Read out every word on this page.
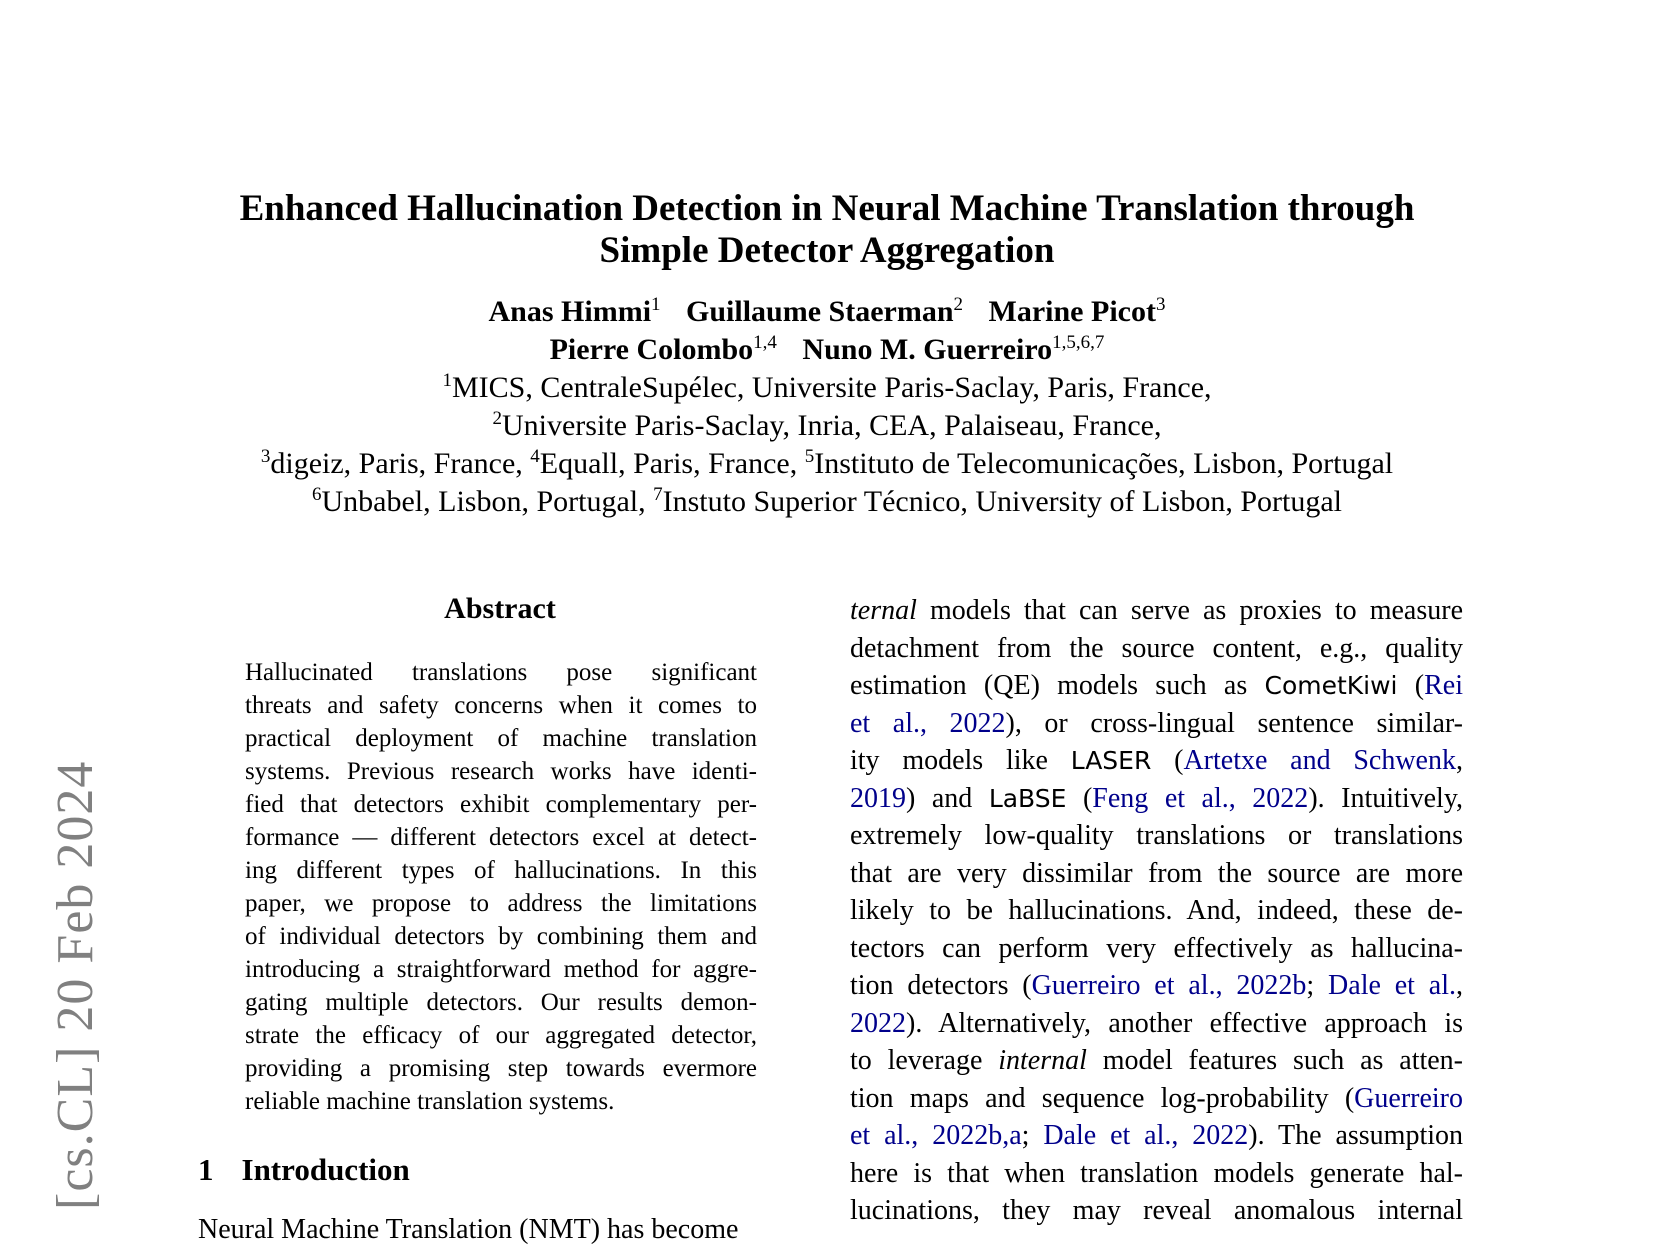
Enhanced Hallucination Detection in Neural Machine Translation through
Simple Detector Aggregation
Anas Himmi$^1$ Guillaume Staerman$^2$ Marine Picot$^3$
Pierre Colombo$^{1,4}$ Nuno M. Guerreiro$^{1,5,6,7}$
$^1$MICS, CentraleSupélec, Universite Paris-Saclay, Paris, France,
$^2$Universite Paris-Saclay, Inria, CEA, Palaiseau, France,
$^3$digeiz, Paris, France, $^4$Equall, Paris, France, $^5$Instituto de Telecomunicações, Lisbon, Portugal
$^6$Unbabel, Lisbon, Portugal, $^7$Instuto Superior Técnico, University of Lisbon, Portugal
[cs.CL] 20 Feb 2024
Abstract
Hallucinated translations pose significant
threats and safety concerns when it comes to
practical deployment of machine translation
systems. Previous research works have identi-
fied that detectors exhibit complementary per-
formance — different detectors excel at detect-
ing different types of hallucinations. In this
paper, we propose to address the limitations
of individual detectors by combining them and
introducing a straightforward method for aggre-
gating multiple detectors. Our results demon-
strate the efficacy of our aggregated detector,
providing a promising step towards evermore
reliable machine translation systems.
1 Introduction
Neural Machine Translation (NMT) has become
ternal models that can serve as proxies to measure
detachment from the source content, e.g., quality
estimation (QE) models such as CometKiwi (Rei
et al., 2022), or cross-lingual sentence similar-
ity models like LASER (Artetxe and Schwenk,
2019) and LaBSE (Feng et al., 2022). Intuitively,
extremely low-quality translations or translations
that are very dissimilar from the source are more
likely to be hallucinations. And, indeed, these de-
tectors can perform very effectively as hallucina-
tion detectors (Guerreiro et al., 2022b; Dale et al.,
2022). Alternatively, another effective approach is
to leverage internal model features such as atten-
tion maps and sequence log-probability (Guerreiro
et al., 2022b,a; Dale et al., 2022). The assumption
here is that when translation models generate hal-
lucinations, they may reveal anomalous internal
